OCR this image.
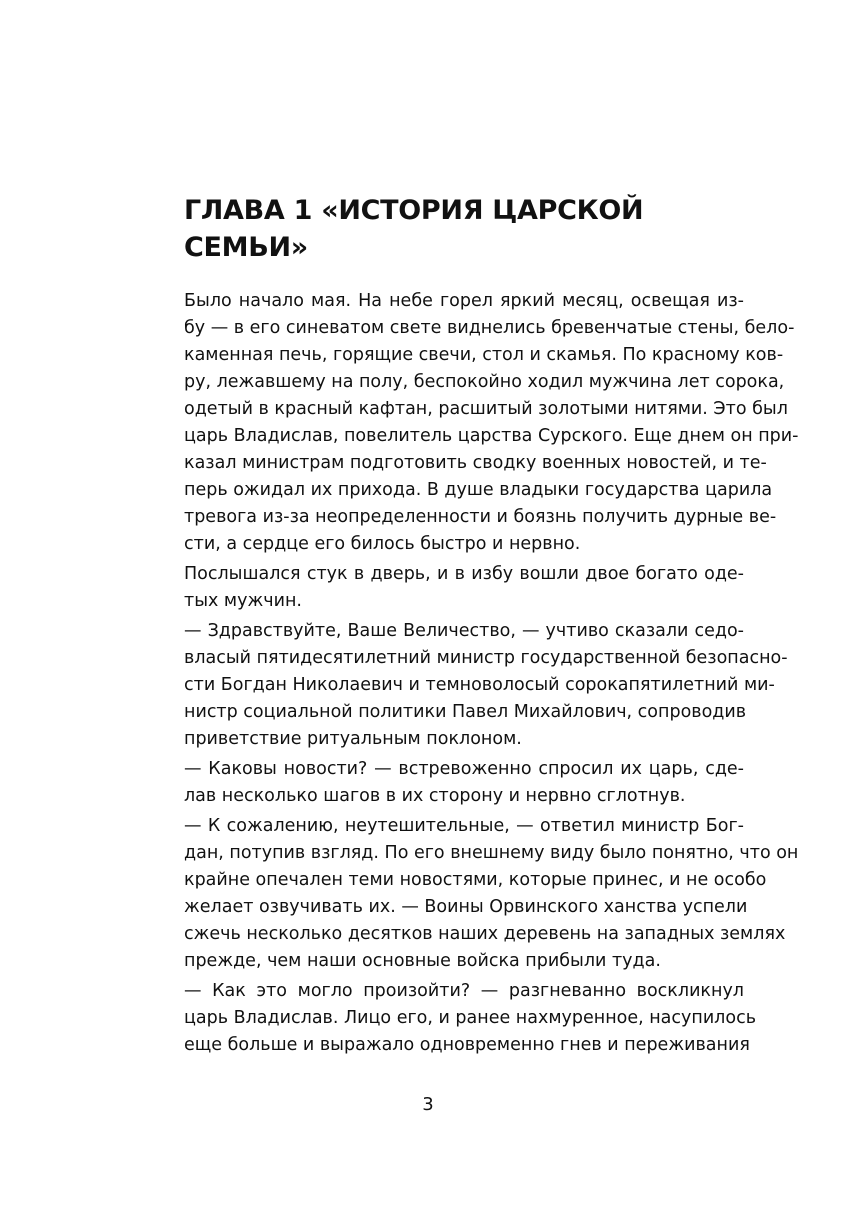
ГЛАВА 1 «ИСТОРИЯ ЦАРСКОЙ
СЕМЬИ»
Было начало мая. На небе горел яркий месяц, освещая из-
бу — в его синеватом свете виднелись бревенчатые стены, бело-
каменная печь, горящие свечи, стол и скамья. По красному ков-
ру, лежавшему на полу, беспокойно ходил мужчина лет сорока,
одетый в красный кафтан, расшитый золотыми нитями. Это был
царь Владислав, повелитель царства Сурского. Еще днем он при-
казал министрам подготовить сводку военных новостей, и те-
перь ожидал их прихода. В душе владыки государства царила
тревога из-за неопределенности и боязнь получить дурные ве-
сти, а сердце его билось быстро и нервно.
Послышался стук в дверь, и в избу вошли двое богато оде-
тых мужчин.
— Здравствуйте, Ваше Величество, — учтиво сказали седо-
власый пятидесятилетний министр государственной безопасно-
сти Богдан Николаевич и темноволосый сорокапятилетний ми-
нистр социальной политики Павел Михайлович, сопроводив
приветствие ритуальным поклоном.
— Каковы новости? — встревоженно спросил их царь, сде-
лав несколько шагов в их сторону и нервно сглотнув.
— К сожалению, неутешительные, — ответил министр Бог-
дан, потупив взгляд. По его внешнему виду было понятно, что он
крайне опечален теми новостями, которые принес, и не особо
желает озвучивать их. — Воины Орвинского ханства успели
сжечь несколько десятков наших деревень на западных землях
прежде, чем наши основные войска прибыли туда.
— Как это могло произойти? — разгневанно воскликнул
царь Владислав. Лицо его, и ранее нахмуренное, насупилось
еще больше и выражало одновременно гнев и переживания

3
